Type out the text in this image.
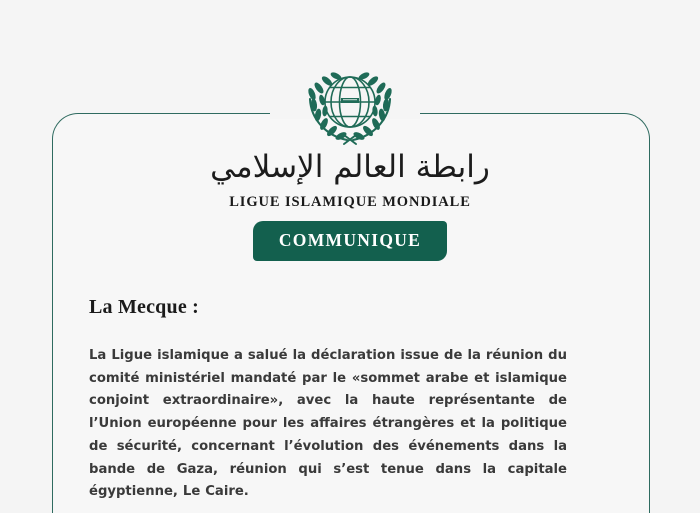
رابطة العالم الإسلامي
LIGUE ISLAMIQUE MONDIALE
COMMUNIQUE
La Mecque :

La Ligue islamique a salué la déclaration issue de la réunion du comité ministériel mandaté par le «sommet arabe et islamique conjoint extraordinaire», avec la haute représentante de l’Union européenne pour les affaires étrangères et la politique de sécurité, concernant l’évolution des événements dans la bande de Gaza, réunion qui s’est tenue dans la capitale égyptienne, Le Caire.
